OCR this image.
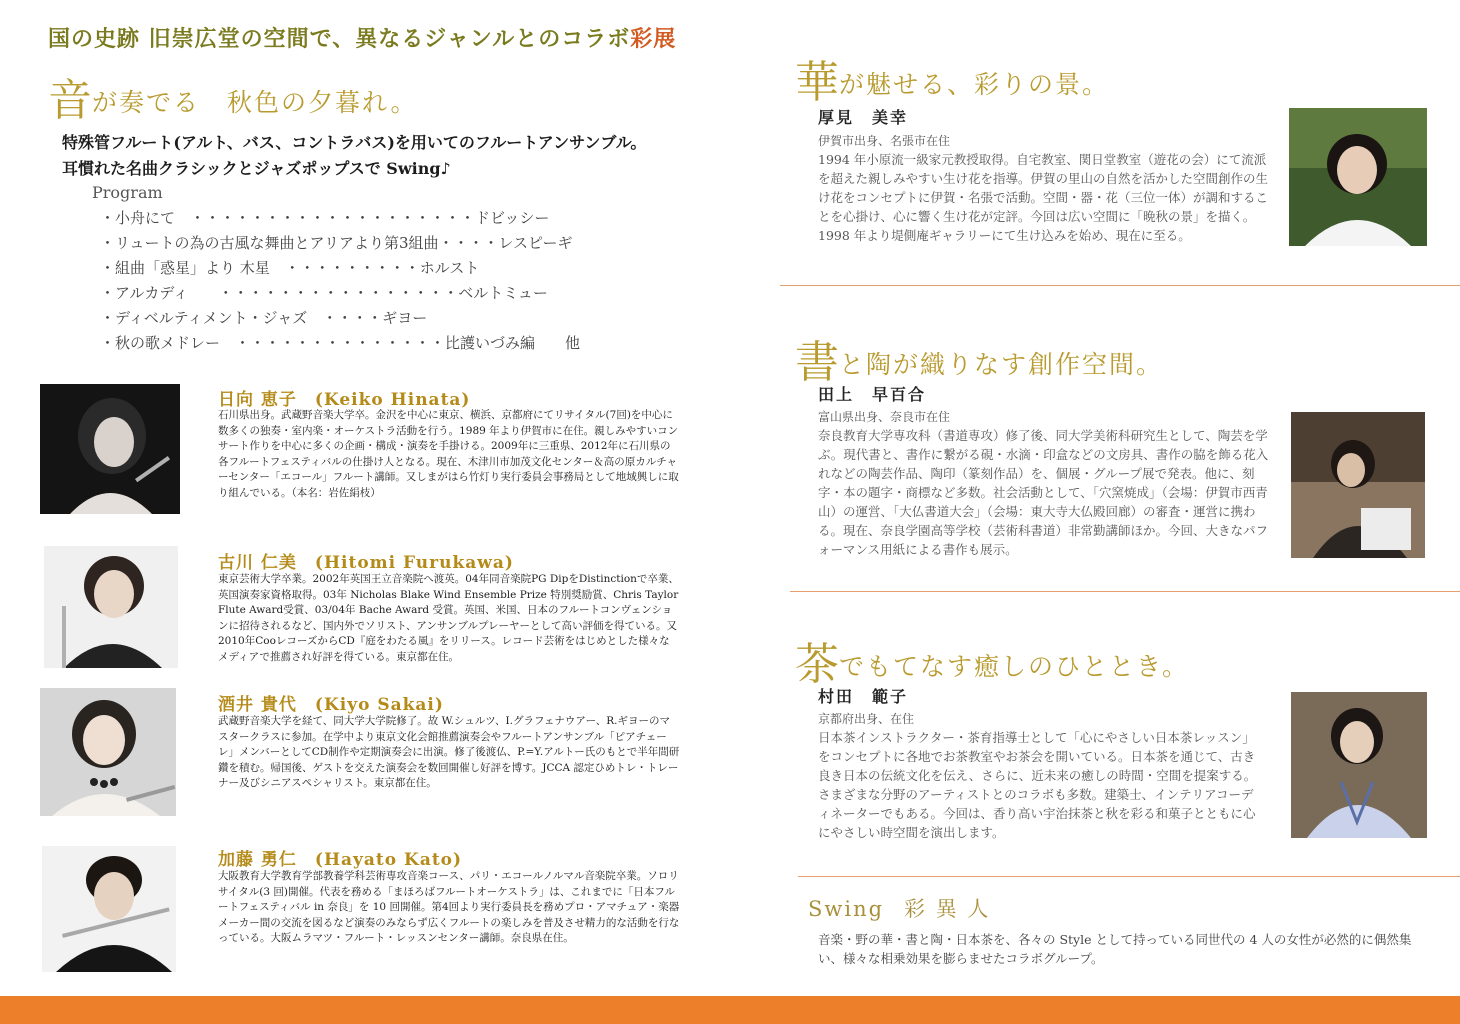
国の史跡 旧崇広堂の空間で、異なるジャンルとのコラボ彩展
音が奏でる　秋色の夕暮れ。
特殊管フルート(アルト、バス、コントラバス)を用いてのフルートアンサンブル。
耳慣れた名曲クラシックとジャズポップスで Swing♪
Program
・小舟にて　・・・・・・・・・・・・・・・・・・・ドビッシー
・リュートの為の古風な舞曲とアリアより第3組曲・・・・レスピーギ
・組曲「惑星」より 木星　・・・・・・・・・ホルスト
・アルカディ　　・・・・・・・・・・・・・・・・ベルトミュー
・ディベルティメント・ジャズ　・・・・ギヨー
・秋の歌メドレー　・・・・・・・・・・・・・・比護いづみ編　　他
日向 恵子　(Keiko Hinata)
石川県出身。武蔵野音楽大学卒。金沢を中心に東京、横浜、京都府にてリサイタル(7回)を中心に数多くの独奏・室内楽・オーケストラ活動を行う。1989 年より伊賀市に在住。親しみやすいコンサート作りを中心に多くの企画・構成・演奏を手掛ける。2009年に三重県、2012年に石川県の各フルートフェスティバルの仕掛け人となる。現在、木津川市加茂文化センター＆高の原カルチャーセンター「エコール」フルート講師。又しまがはら竹灯り実行委員会事務局として地域興しに取り組んでいる。（本名：岩佐絹枝）
古川 仁美　(Hitomi Furukawa)
東京芸術大学卒業。2002年英国王立音楽院へ渡英。04年同音楽院PG DipをDistinctionで卒業、英国演奏家資格取得。03年 Nicholas Blake Wind Ensemble Prize 特別奨励賞、Chris Taylor Flute Award受賞、03/04年 Bache Award 受賞。英国、米国、日本のフルートコンヴェンションに招待されるなど、国内外でソリスト、アンサンブルプレーヤーとして高い評価を得ている。又2010年CooレコーズからCD『庭をわたる風』をリリース。レコード芸術をはじめとした様々なメディアで推薦され好評を得ている。東京都在住。
酒井 貴代　(Kiyo Sakai)
武蔵野音楽大学を経て、同大学大学院修了。故 W.シュルツ、I.グラフェナウアー、R.ギヨーのマスタークラスに参加。在学中より東京文化会館推薦演奏会やフルートアンサンブル「ピアチェーレ」メンバーとしてCD制作や定期演奏会に出演。修了後渡仏、P.=Y.アルトー氏のもとで半年間研鑽を積む。帰国後、ゲストを交えた演奏会を数回開催し好評を博す。JCCA 認定ひめトレ・トレーナー及びシニアスペシャリスト。東京都在住。
加藤 勇仁　(Hayato Kato)
大阪教育大学教育学部教養学科芸術専攻音楽コース、パリ・エコールノルマル音楽院卒業。ソロリサイタル(3 回)開催。代表を務める「まほろばフルートオーケストラ」は、これまでに「日本フルートフェスティバル in 奈良」を 10 回開催。第4回より実行委員長を務めプロ・アマチュア・楽器メーカー間の交流を図るなど演奏のみならず広くフルートの楽しみを普及させ精力的な活動を行なっている。大阪ムラマツ・フルート・レッスンセンター講師。奈良県在住。
華が魅せる、彩りの景。
厚見　美幸
伊賀市出身、名張市在住
1994 年小原流一級家元教授取得。自宅教室、関日堂教室（遊花の会）にて流派を超えた親しみやすい生け花を指導。伊賀の里山の自然を活かした空間創作の生け花をコンセプトに伊賀・名張で活動。空間・器・花（三位一体）が調和することを心掛け、心に響く生け花が定評。今回は広い空間に「晩秋の景」を描く。1998 年より堤側庵ギャラリーにて生け込みを始め、現在に至る。
書と陶が織りなす創作空間。
田上　早百合
富山県出身、奈良市在住
奈良教育大学専攻科（書道専攻）修了後、同大学美術科研究生として、陶芸を学ぶ。現代書と、書作に繋がる硯・水滴・印盒などの文房具、書作の脇を飾る花入れなどの陶芸作品、陶印（篆刻作品）を、個展・グループ展で発表。他に、刻字・本の題字・商標など多数。社会活動として、「穴窯焼成」（会場：伊賀市西青山）の運営、「大仏書道大会」（会場：東大寺大仏殿回廊）の審査・運営に携わる。現在、奈良学園高等学校（芸術科書道）非常勤講師ほか。今回、大きなパフォーマンス用紙による書作も展示。
茶でもてなす癒しのひととき。
村田　範子
京都府出身、在住
日本茶インストラクター・茶育指導士として「心にやさしい日本茶レッスン」をコンセプトに各地でお茶教室やお茶会を開いている。日本茶を通じて、古き良き日本の伝統文化を伝え、さらに、近未来の癒しの時間・空間を提案する。さまざまな分野のアーティストとのコラボも多数。建築士、インテリアコーディネーターでもある。今回は、香り高い宇治抹茶と秋を彩る和菓子とともに心にやさしい時空間を演出します。
Swing 彩 異 人
音楽・野の華・書と陶・日本茶を、各々の Style として持っている同世代の 4 人の女性が必然的に偶然集い、様々な相乗効果を膨らませたコラボグループ。
